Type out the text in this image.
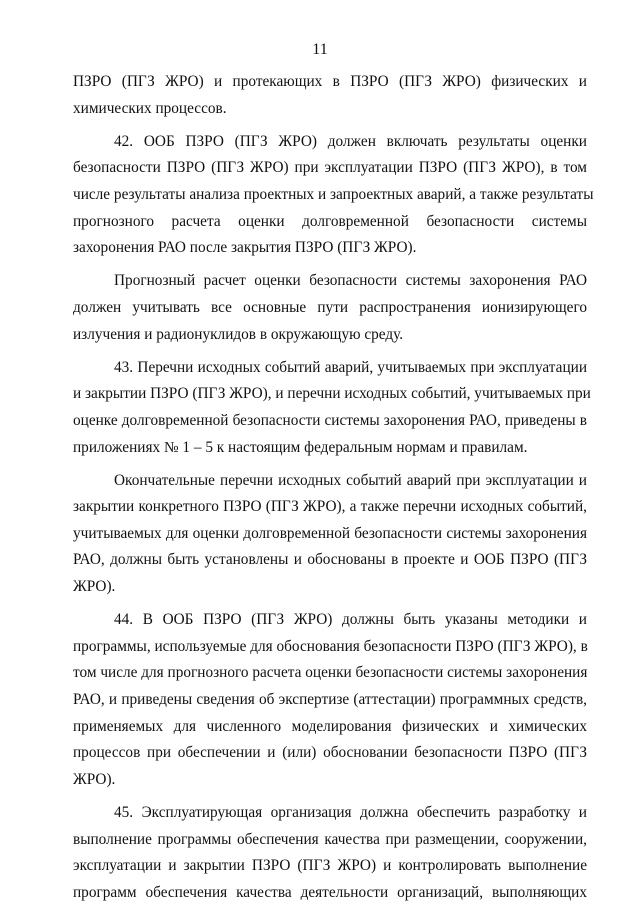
11
ПЗРО (ПГЗ ЖРО) и протекающих в ПЗРО (ПГЗ ЖРО) физических и
химических процессов.
42. ООБ ПЗРО (ПГЗ ЖРО) должен включать результаты оценки
безопасности ПЗРО (ПГЗ ЖРО) при эксплуатации ПЗРО (ПГЗ ЖРО), в том
числе результаты анализа проектных и запроектных аварий, а также результаты
прогнозного расчета оценки долговременной безопасности системы
захоронения РАО после закрытия ПЗРО (ПГЗ ЖРО).
Прогнозный расчет оценки безопасности системы захоронения РАО
должен учитывать все основные пути распространения ионизирующего
излучения и радионуклидов в окружающую среду.
43. Перечни исходных событий аварий, учитываемых при эксплуатации
и закрытии ПЗРО (ПГЗ ЖРО), и перечни исходных событий, учитываемых при
оценке долговременной безопасности системы захоронения РАО, приведены в
приложениях № 1 – 5 к настоящим федеральным нормам и правилам.
Окончательные перечни исходных событий аварий при эксплуатации и
закрытии конкретного ПЗРО (ПГЗ ЖРО), а также перечни исходных событий,
учитываемых для оценки долговременной безопасности системы захоронения
РАО, должны быть установлены и обоснованы в проекте и ООБ ПЗРО (ПГЗ
ЖРО).
44. В ООБ ПЗРО (ПГЗ ЖРО) должны быть указаны методики и
программы, используемые для обоснования безопасности ПЗРО (ПГЗ ЖРО), в
том числе для прогнозного расчета оценки безопасности системы захоронения
РАО, и приведены сведения об экспертизе (аттестации) программных средств,
применяемых для численного моделирования физических и химических
процессов при обеспечении и (или) обосновании безопасности ПЗРО (ПГЗ
ЖРО).
45. Эксплуатирующая организация должна обеспечить разработку и
выполнение программы обеспечения качества при размещении, сооружении,
эксплуатации и закрытии ПЗРО (ПГЗ ЖРО) и контролировать выполнение
программ обеспечения качества деятельности организаций, выполняющих
